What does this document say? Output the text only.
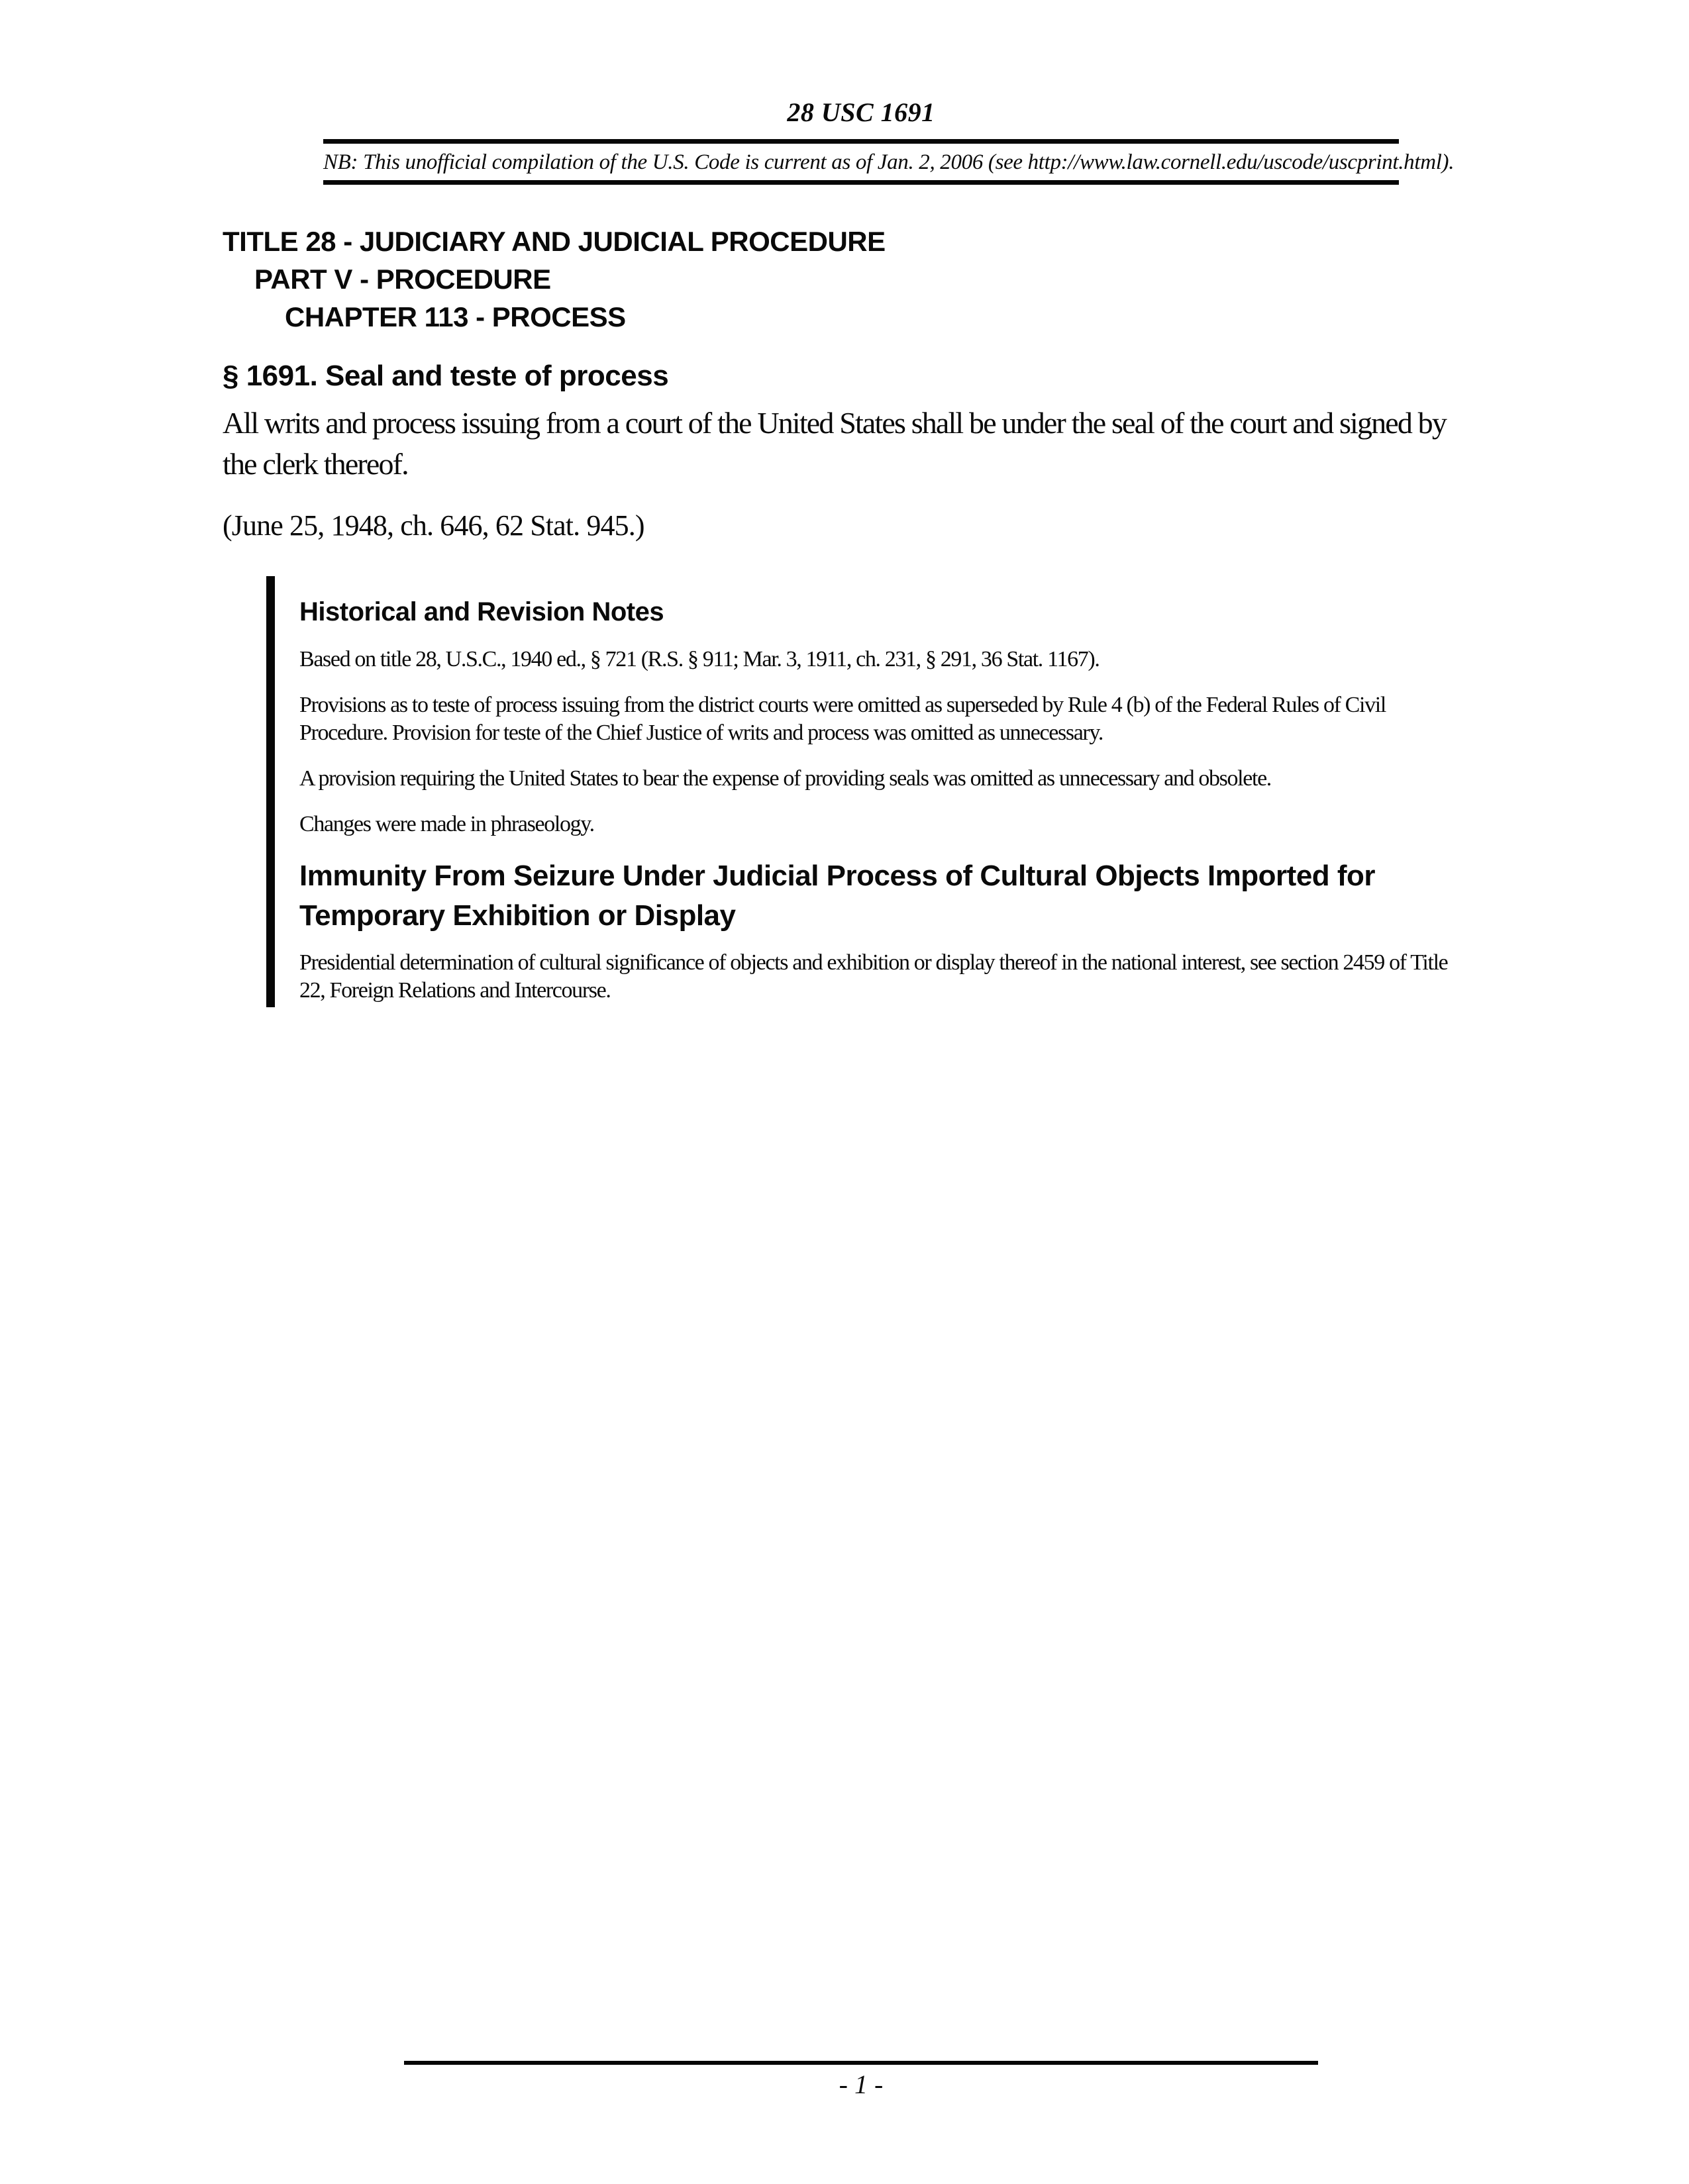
28 USC 1691
NB: This unofficial compilation of the U.S. Code is current as of Jan. 2, 2006 (see http://www.law.cornell.edu/uscode/uscprint.html).
TITLE 28 - JUDICIARY AND JUDICIAL PROCEDURE
PART V - PROCEDURE
CHAPTER 113 - PROCESS
§ 1691. Seal and teste of process
All writs and process issuing from a court of the United States shall be under the seal of the court and signed by the clerk thereof.
(June 25, 1948, ch. 646, 62 Stat. 945.)
Historical and Revision Notes

Based on title 28, U.S.C., 1940 ed., § 721 (R.S. § 911; Mar. 3, 1911, ch. 231, § 291, 36 Stat. 1167).

Provisions as to teste of process issuing from the district courts were omitted as superseded by Rule 4 (b) of the Federal Rules of Civil Procedure. Provision for teste of the Chief Justice of writs and process was omitted as unnecessary.

A provision requiring the United States to bear the expense of providing seals was omitted as unnecessary and obsolete.

Changes were made in phraseology.

Immunity From Seizure Under Judicial Process of Cultural Objects Imported for Temporary Exhibition or Display

Presidential determination of cultural significance of objects and exhibition or display thereof in the national interest, see section 2459 of Title 22, Foreign Relations and Intercourse.

- 1 -
